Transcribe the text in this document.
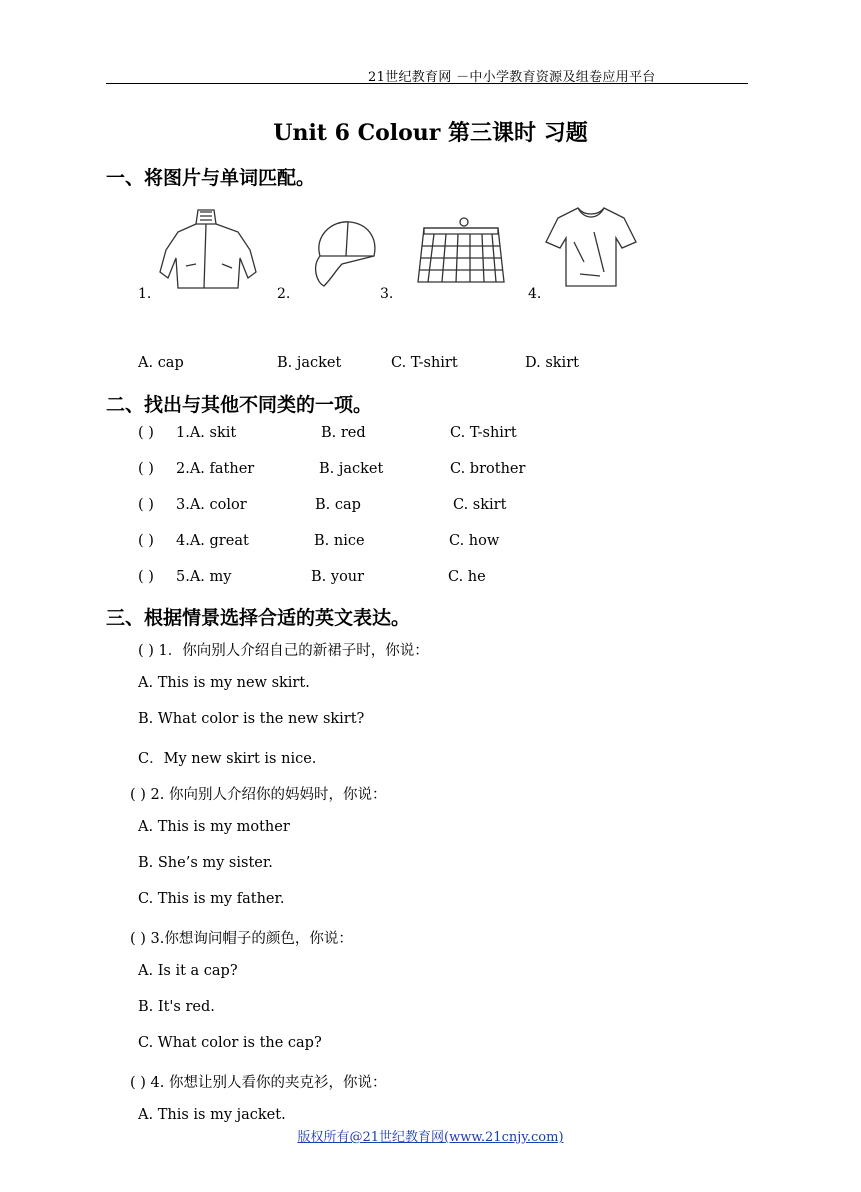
21世纪教育网 －中小学教育资源及组卷应用平台
Unit 6 Colour 第三课时 习题
一、将图片与单词匹配。
1.	2.	3.	4.
A. cap	B. jacket	C. T-shirt	D. skirt
二、找出与其他不同类的一项。
( ) 1.A. skit	B. red	C. T-shirt
( ) 2.A. father	B. jacket	C. brother
( ) 3.A. color	B. cap	C. skirt
( ) 4.A. great	B. nice	C. how
( ) 5.A. my	B. your	C. he
三、根据情景选择合适的英文表达。
( ) 1．你向别人介绍自己的新裙子时，你说：
A. This is my new skirt.
B. What color is the new skirt?
C．My new skirt is nice.
( ) 2. 你向别人介绍你的妈妈时，你说：
A. This is my mother
B. She’s my sister.
C. This is my father.
( ) 3.你想询问帽子的颜色，你说：
A. Is it a cap?
B. It's red.
C. What color is the cap?
( ) 4. 你想让别人看你的夹克衫，你说：
A. This is my jacket.
版权所有@21世纪教育网(www.21cnjy.com)
